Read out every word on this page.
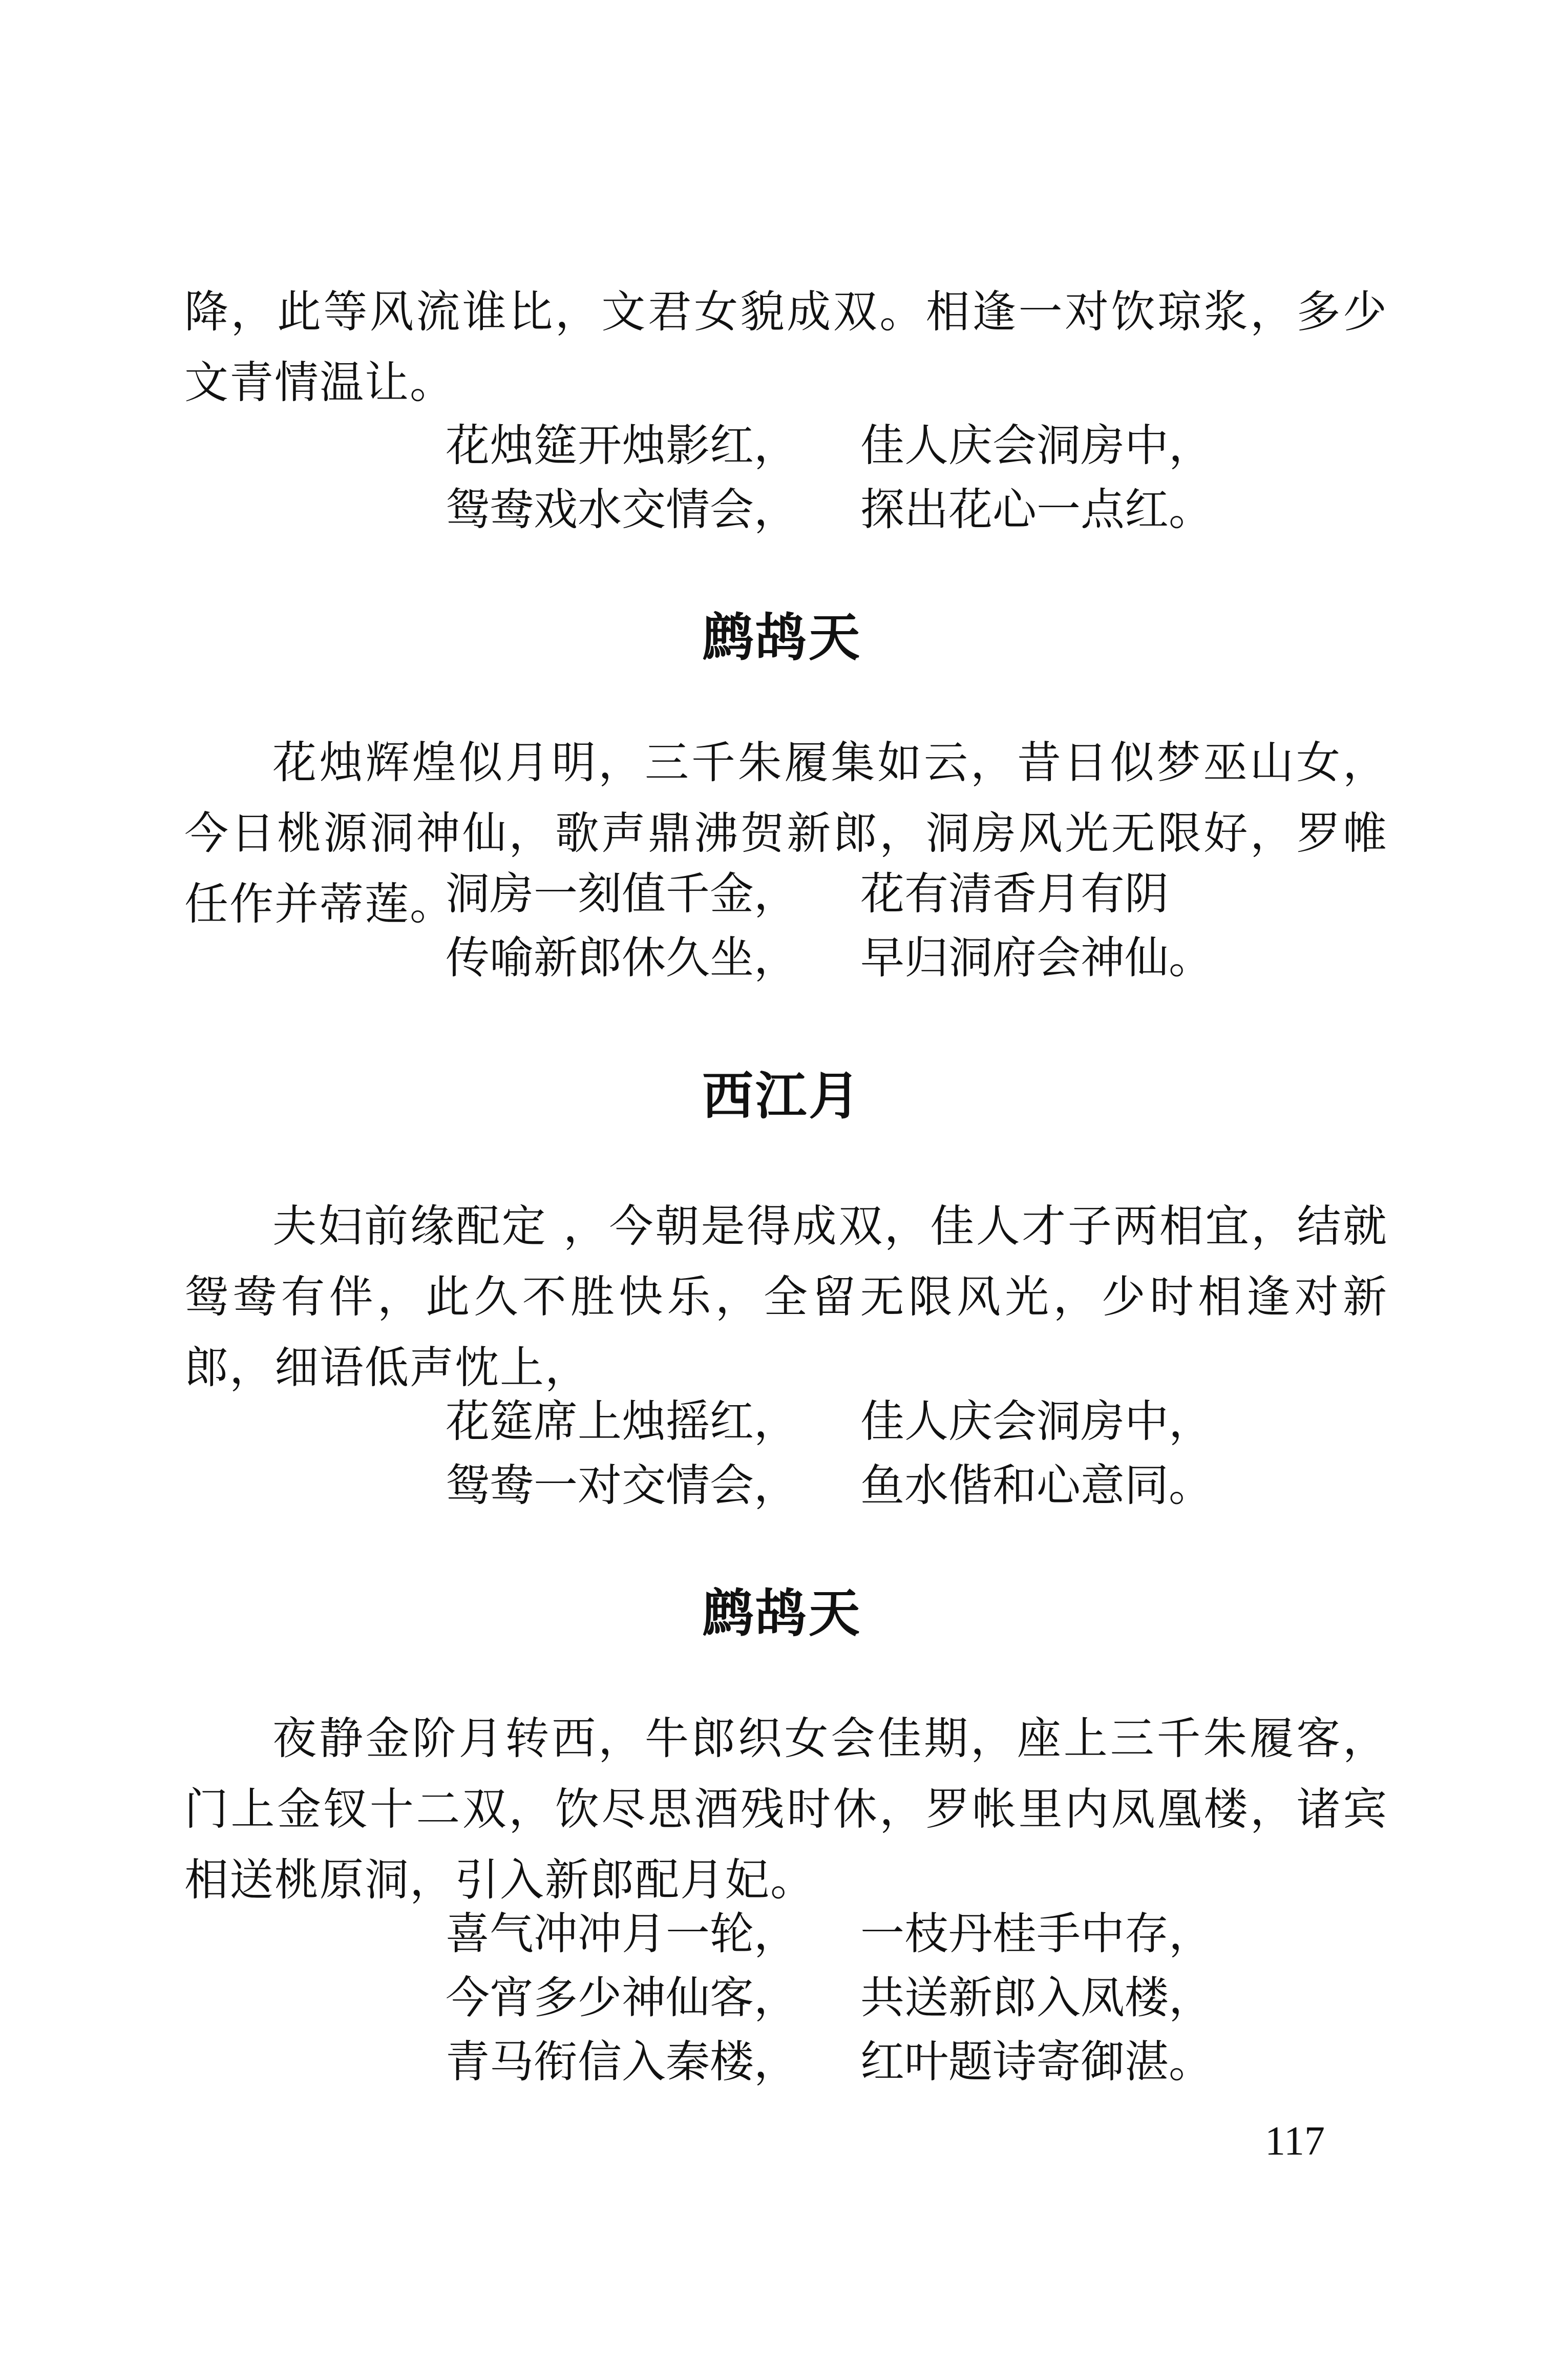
降，此等风流谁比，文君女貌成双。相逢一对饮琼浆，多少文青情温让。

花烛筵开烛影红， 佳人庆会洞房中，
鸳鸯戏水交情会， 探出花心一点红。
鹧鸪天

花烛辉煌似月明，三千朱履集如云，昔日似梦巫山女，今日桃源洞神仙，歌声鼎沸贺新郎，洞房风光无限好，罗帷任作并蒂莲。

洞房一刻值千金， 花有清香月有阴
传喻新郎休久坐， 早归洞府会神仙。
西江月

夫妇前缘配定 ，今朝是得成双，佳人才子两相宜，结就鸳鸯有伴，此久不胜快乐，全留无限风光，少时相逢对新郎，细语低声忱上，

花筵席上烛摇红， 佳人庆会洞房中，
鸳鸯一对交情会， 鱼水偕和心意同。
鹧鸪天

夜静金阶月转西，牛郎织女会佳期，座上三千朱履客，门上金钗十二双，饮尽思酒残时休，罗帐里内凤凰楼，诸宾相送桃原洞，引入新郎配月妃。

喜气冲冲月一轮， 一枝丹桂手中存，
今宵多少神仙客， 共送新郎入凤楼，
青马衔信入秦楼， 红叶题诗寄御湛。
117
